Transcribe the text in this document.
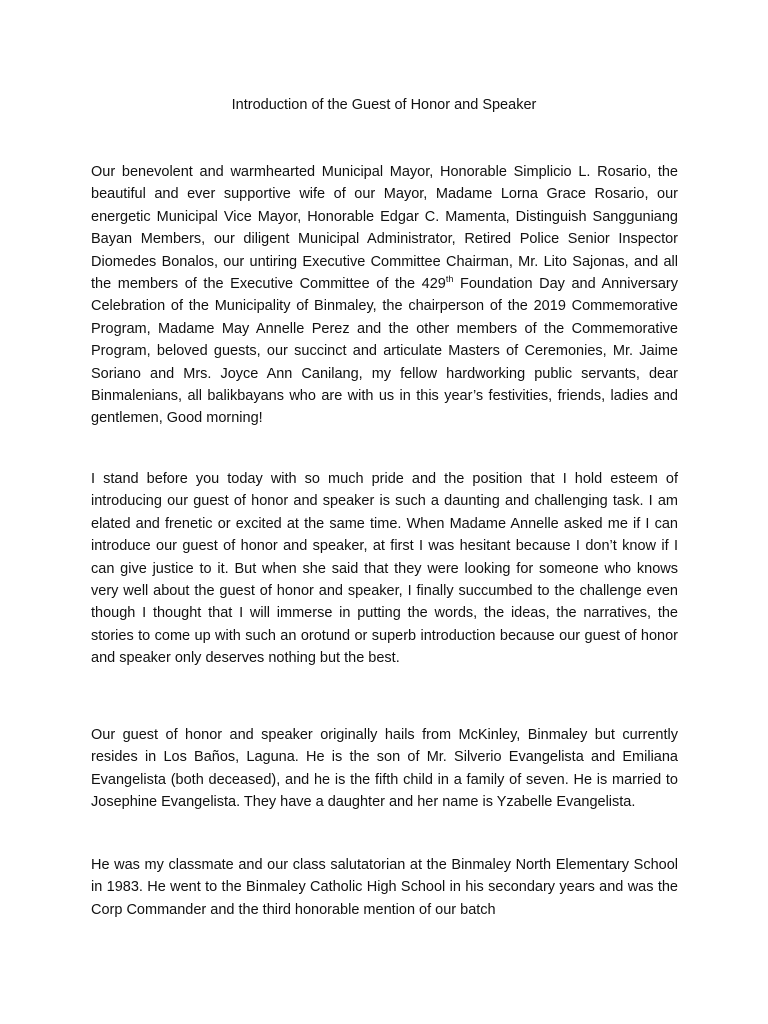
Introduction of the Guest of Honor and Speaker

Our benevolent and warmhearted Municipal Mayor, Honorable Simplicio L. Rosario, the beautiful and ever supportive wife of our Mayor, Madame Lorna Grace Rosario, our energetic Municipal Vice Mayor, Honorable Edgar C. Mamenta, Distinguish Sangguniang Bayan Members, our diligent Municipal Administrator, Retired Police Senior Inspector Diomedes Bonalos, our untiring Executive Committee Chairman, Mr. Lito Sajonas, and all the members of the Executive Committee of the 429th Foundation Day and Anniversary Celebration of the Municipality of Binmaley, the chairperson of the 2019 Commemorative Program, Madame May Annelle Perez and the other members of the Commemorative Program, beloved guests, our succinct and articulate Masters of Ceremonies, Mr. Jaime Soriano and Mrs. Joyce Ann Canilang, my fellow hardworking public servants, dear Binmalenians, all balikbayans who are with us in this year’s festivities, friends, ladies and gentlemen, Good morning!

I stand before you today with so much pride and the position that I hold esteem of introducing our guest of honor and speaker is such a daunting and challenging task. I am elated and frenetic or excited at the same time. When Madame Annelle asked me if I can introduce our guest of honor and speaker, at first I was hesitant because I don’t know if I can give justice to it. But when she said that they were looking for someone who knows very well about the guest of honor and speaker, I finally succumbed to the challenge even though I thought that I will immerse in putting the words, the ideas, the narratives, the stories to come up with such an orotund or superb introduction because our guest of honor and speaker only deserves nothing but the best.

Our guest of honor and speaker originally hails from McKinley, Binmaley but currently resides in Los Baños, Laguna. He is the son of Mr. Silverio Evangelista and Emiliana Evangelista (both deceased), and he is the fifth child in a family of seven. He is married to Josephine Evangelista. They have a daughter and her name is Yzabelle Evangelista.

He was my classmate and our class salutatorian at the Binmaley North Elementary School in 1983. He went to the Binmaley Catholic High School in his secondary years and was the Corp Commander and the third honorable mention of our batch
